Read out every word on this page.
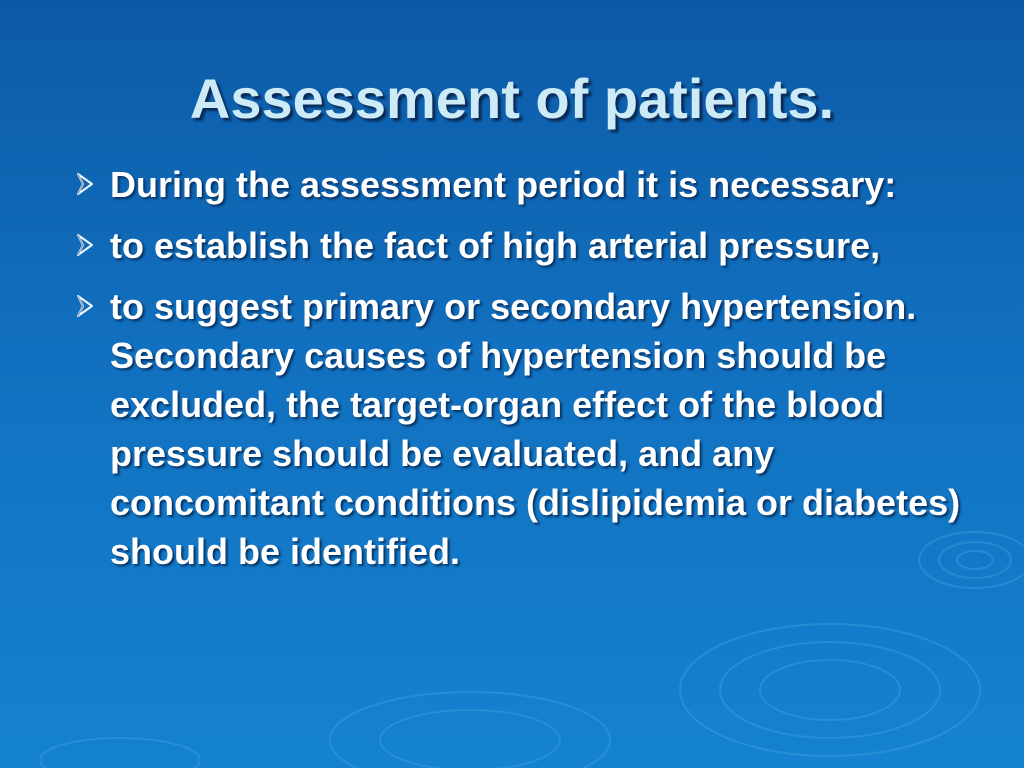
Assessment of patients.
During the assessment period it is necessary:
to establish the fact of high arterial pressure,
to suggest primary or secondary hypertension. Secondary causes of hypertension should be excluded, the target-organ effect of the blood pressure should be evaluated, and any concomitant conditions (dislipidemia or diabetes) should be identified.
